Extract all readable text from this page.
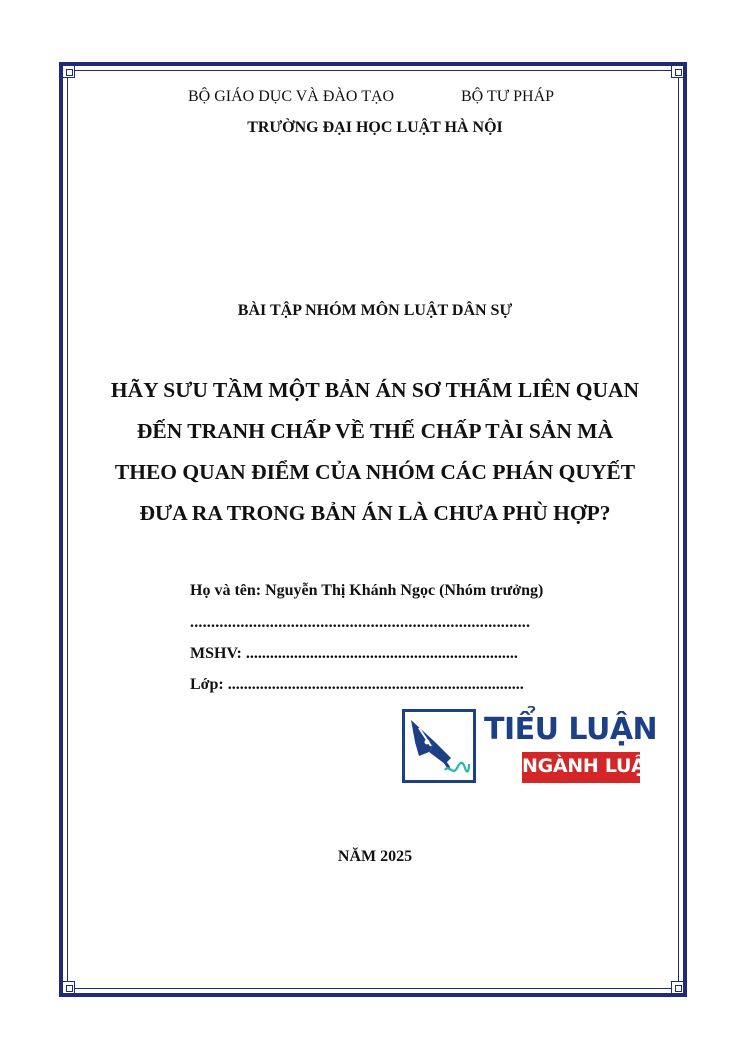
BỘ GIÁO DỤC VÀ ĐÀO TẠO	BỘ TƯ PHÁP
TRƯỜNG ĐẠI HỌC LUẬT HÀ NỘI
BÀI TẬP NHÓM MÔN LUẬT DÂN SỰ
HÃY SƯU TẦM MỘT BẢN ÁN SƠ THẨM LIÊN QUAN
ĐẾN TRANH CHẤP VỀ THẾ CHẤP TÀI SẢN MÀ
THEO QUAN ĐIỂM CỦA NHÓM CÁC PHÁN QUYẾT
ĐƯA RA TRONG BẢN ÁN LÀ CHƯA PHÙ HỢP?
Họ và tên: Nguyễn Thị Khánh Ngọc (Nhóm trưởng)
.................................................................................
MSHV: ....................................................................
Lớp: ..........................................................................
TIỂU LUẬN
NGÀNH LUẬT
NĂM 2025
